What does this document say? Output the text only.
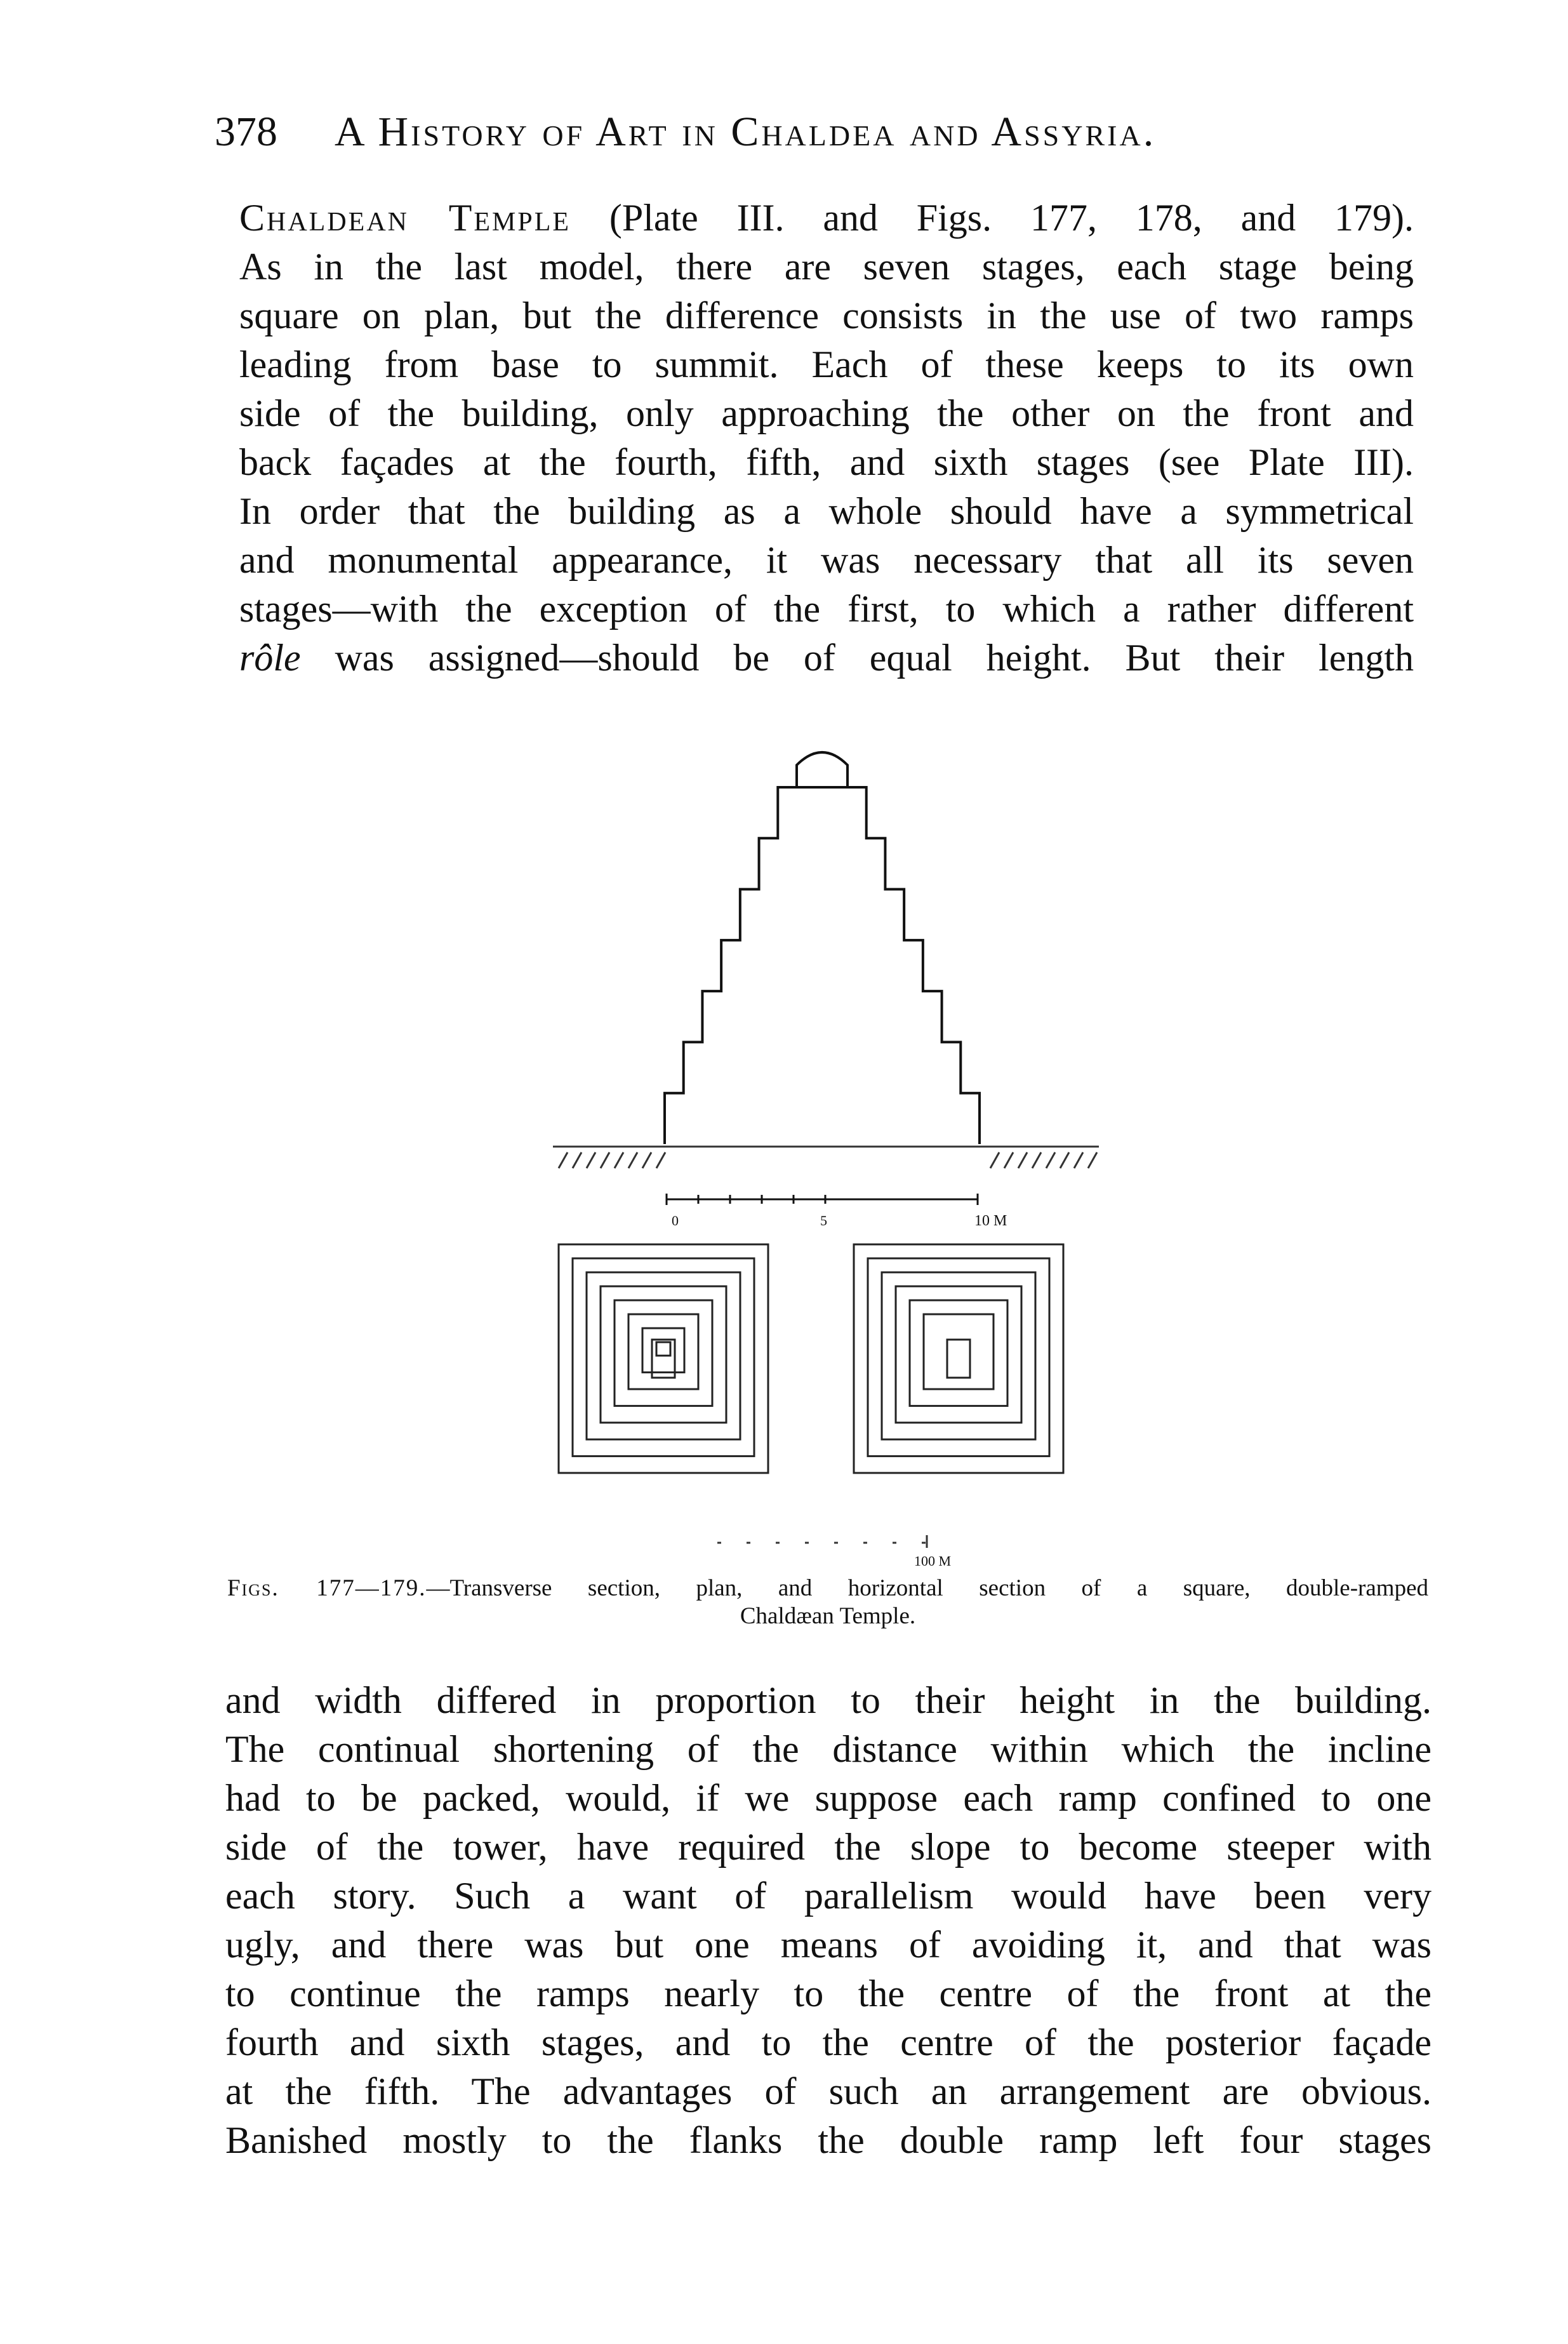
378 A History of Art in Chaldea and Assyria.
Chaldean Temple (Plate III. and Figs. 177, 178, and 179).
As in the last model, there are seven stages, each stage being
square on plan, but the difference consists in the use of two ramps
leading from base to summit. Each of these keeps to its own
side of the building, only approaching the other on the front and
back façades at the fourth, fifth, and sixth stages (see Plate III).
In order that the building as a whole should have a symmetrical
and monumental appearance, it was necessary that all its seven
stages—with the exception of the first, to which a rather different
rôle was assigned—should be of equal height. But their length
0	5	10 M
100 M
Figs. 177—179.—Transverse section, plan, and horizontal section of a square, double-ramped
Chaldæan Temple.
and width differed in proportion to their height in the building.
The continual shortening of the distance within which the incline
had to be packed, would, if we suppose each ramp confined to one
side of the tower, have required the slope to become steeper with
each story. Such a want of parallelism would have been very
ugly, and there was but one means of avoiding it, and that was
to continue the ramps nearly to the centre of the front at the
fourth and sixth stages, and to the centre of the posterior façade
at the fifth. The advantages of such an arrangement are obvious.
Banished mostly to the flanks the double ramp left four stages
